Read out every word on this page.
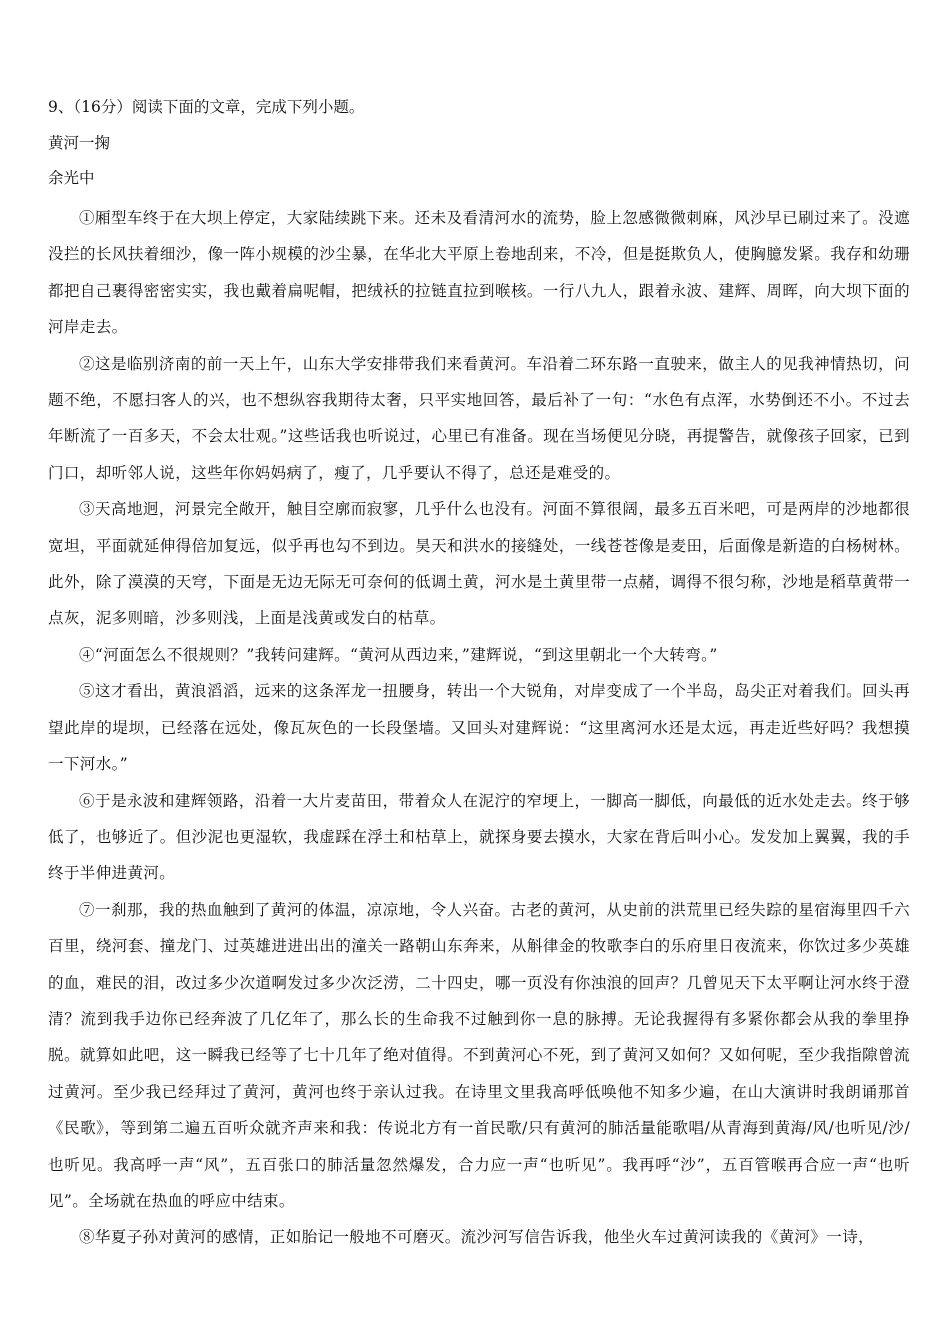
9、（16分）阅读下面的文章，完成下列小题。
黄河一掬
余光中

①厢型车终于在大坝上停定，大家陆续跳下来。还未及看清河水的流势，脸上忽感微微刺麻，风沙早已刷过来了。没遮没拦的长风扶着细沙，像一阵小规模的沙尘暴，在华北大平原上卷地刮来，不冷，但是挺欺负人，使胸臆发紧。我存和幼珊都把自己裹得密密实实，我也戴着扁呢帽，把绒袄的拉链直拉到喉核。一行八九人，跟着永波、建辉、周晖，向大坝下面的河岸走去。

②这是临别济南的前一天上午，山东大学安排带我们来看黄河。车沿着二环东路一直驶来，做主人的见我神情热切，问题不绝，不愿扫客人的兴，也不想纵容我期待太奢，只平实地回答，最后补了一句：“水色有点浑，水势倒还不小。不过去年断流了一百多天，不会太壮观。”这些话我也听说过，心里已有准备。现在当场便见分晓，再提警告，就像孩子回家，已到门口，却听邻人说，这些年你妈妈病了，瘦了，几乎要认不得了，总还是难受的。

③天高地迥，河景完全敞开，触目空廓而寂寥，几乎什么也没有。河面不算很阔，最多五百米吧，可是两岸的沙地都很宽坦，平面就延伸得倍加复远，似乎再也勾不到边。昊天和洪水的接缝处，一线苍苍像是麦田，后面像是新造的白杨树林。此外，除了漠漠的天穹，下面是无边无际无可奈何的低调土黄，河水是土黄里带一点赭，调得不很匀称，沙地是稻草黄带一点灰，泥多则暗，沙多则浅，上面是浅黄或发白的枯草。

④“河面怎么不很规则？”我转问建辉。“黄河从西边来，”建辉说，“到这里朝北一个大转弯。”

⑤这才看出，黄浪滔滔，远来的这条浑龙一扭腰身，转出一个大锐角，对岸变成了一个半岛，岛尖正对着我们。回头再望此岸的堤坝，已经落在远处，像瓦灰色的一长段堡墙。又回头对建辉说：“这里离河水还是太远，再走近些好吗？我想摸一下河水。”

⑥于是永波和建辉领路，沿着一大片麦苗田，带着众人在泥泞的窄埂上，一脚高一脚低，向最低的近水处走去。终于够低了，也够近了。但沙泥也更湿软，我虚踩在浮土和枯草上，就探身要去摸水，大家在背后叫小心。发发加上翼翼，我的手终于半伸进黄河。

⑦一刹那，我的热血触到了黄河的体温，凉凉地，令人兴奋。古老的黄河，从史前的洪荒里已经失踪的星宿海里四千六百里，绕河套、撞龙门、过英雄进进出出的潼关一路朝山东奔来，从斛律金的牧歌李白的乐府里日夜流来，你饮过多少英雄的血，难民的泪，改过多少次道啊发过多少次泛涝，二十四史，哪一页没有你浊浪的回声？几曾见天下太平啊让河水终于澄清？流到我手边你已经奔波了几亿年了，那么长的生命我不过触到你一息的脉搏。无论我握得有多紧你都会从我的拳里挣脱。就算如此吧，这一瞬我已经等了七十几年了绝对值得。不到黄河心不死，到了黄河又如何？又如何呢，至少我指隙曾流过黄河。至少我已经拜过了黄河，黄河也终于亲认过我。在诗里文里我高呼低唤他不知多少遍，在山大演讲时我朗诵那首《民歌》，等到第二遍五百听众就齐声来和我：传说北方有一首民歌/只有黄河的肺活量能歌唱/从青海到黄海/风/也听见/沙/也听见。我高呼一声“风”，五百张口的肺活量忽然爆发，合力应一声“也听见”。我再呼“沙”，五百管喉再合应一声“也听见”。全场就在热血的呼应中结束。

⑧华夏子孙对黄河的感情，正如胎记一般地不可磨灭。流沙河写信告诉我，他坐火车过黄河读我的《黄河》一诗，
